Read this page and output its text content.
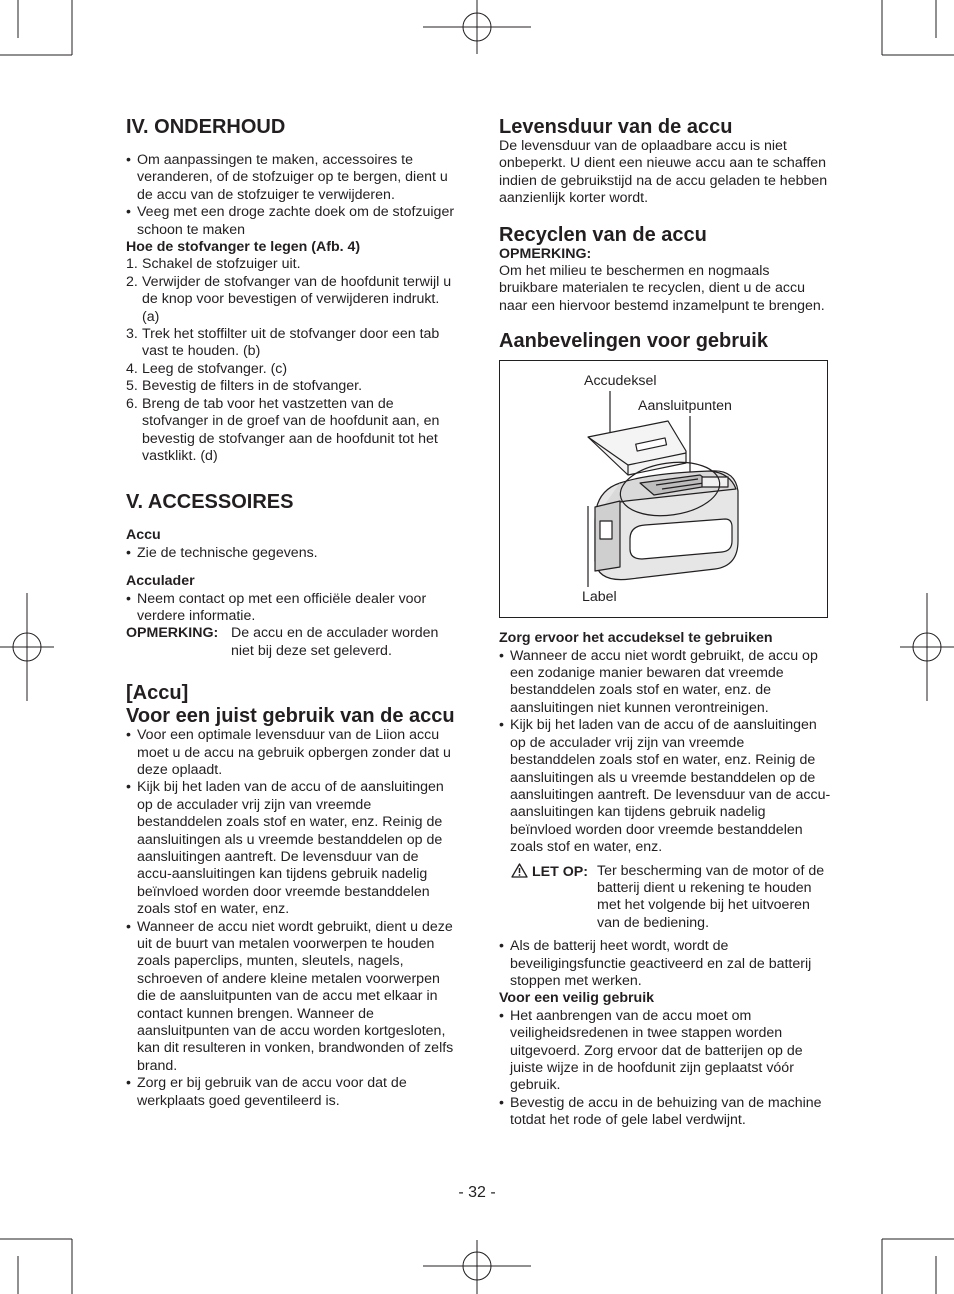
IV. ONDERHOUD
• Om aanpassingen te maken, accessoires te veranderen, of de stofzuiger op te bergen, dient u de accu van de stofzuiger te verwijderen.
• Veeg met een droge zachte doek om de stofzuiger schoon te maken

Hoe de stofvanger te legen (Afb. 4)

1. Schakel de stofzuiger uit.
2. Verwijder de stofvanger van de hoofdunit terwijl u de knop voor bevestigen of verwijderen indrukt. (a)
3. Trek het stoffilter uit de stofvanger door een tab vast te houden. (b)
4. Leeg de stofvanger. (c)
5. Bevestig de filters in de stofvanger.
6. Breng de tab voor het vastzetten van de stofvanger in de groef van de hoofdunit aan, en bevestig de stofvanger aan de hoofdunit tot het vastklikt. (d)
V. ACCESSOIRES

Accu

• Zie de technische gegevens.

Acculader

• Neem contact op met een officiële dealer voor verdere informatie.
OPMERKING: De accu en de acculader worden niet bij deze set geleverd.
[Accu]
Voor een juist gebruik van de accu
• Voor een optimale levensduur van de Liion accu moet u de accu na gebruik opbergen zonder dat u deze oplaadt.
• Kijk bij het laden van de accu of de aansluitingen op de acculader vrij zijn van vreemde bestanddelen zoals stof en water, enz. Reinig de aansluitingen als u vreemde bestanddelen op de aansluitingen aantreft. De levensduur van de accu-aansluitingen kan tijdens gebruik nadelig beïnvloed worden door vreemde bestanddelen zoals stof en water, enz.
• Wanneer de accu niet wordt gebruikt, dient u deze uit de buurt van metalen voorwerpen te houden zoals paperclips, munten, sleutels, nagels, schroeven of andere kleine metalen voorwerpen die de aansluitpunten van de accu met elkaar in contact kunnen brengen. Wanneer de aansluitpunten van de accu worden kortgesloten, kan dit resulteren in vonken, brandwonden of zelfs brand.
• Zorg er bij gebruik van de accu voor dat de werkplaats goed geventileerd is.
Levensduur van de accu

De levensduur van de oplaadbare accu is niet onbeperkt. U dient een nieuwe accu aan te schaffen indien de gebruikstijd na de accu geladen te hebben aanzienlijk korter wordt.

Recyclen van de accu

OPMERKING:

Om het milieu te beschermen en nogmaals bruikbare materialen te recyclen, dient u de accu naar een hiervoor bestemd inzamelpunt te brengen.

Aanbevelingen voor gebruik
Accudeksel
Aansluitpunten
Label

Zorg ervoor het accudeksel te gebruiken

• Wanneer de accu niet wordt gebruikt, de accu op een zodanige manier bewaren dat vreemde bestanddelen zoals stof en water, enz. de aansluitingen niet kunnen verontreinigen.
• Kijk bij het laden van de accu of de aansluitingen op de acculader vrij zijn van vreemde bestanddelen zoals stof en water, enz. Reinig de aansluitingen als u vreemde bestanddelen op de aansluitingen aantreft. De levensduur van de accu-aansluitingen kan tijdens gebruik nadelig beïnvloed worden door vreemde bestanddelen zoals stof en water, enz.
LET OP: Ter bescherming van de motor of de batterij dient u rekening te houden met het volgende bij het uitvoeren van de bediening.
• Als de batterij heet wordt, wordt de beveiligingsfunctie geactiveerd en zal de batterij stoppen met werken.

Voor een veilig gebruik

• Het aanbrengen van de accu moet om veiligheidsredenen in twee stappen worden uitgevoerd. Zorg ervoor dat de batterijen op de juiste wijze in de hoofdunit zijn geplaatst vóór gebruik.
• Bevestig de accu in de behuizing van de machine totdat het rode of gele label verdwijnt.
- 32 -
